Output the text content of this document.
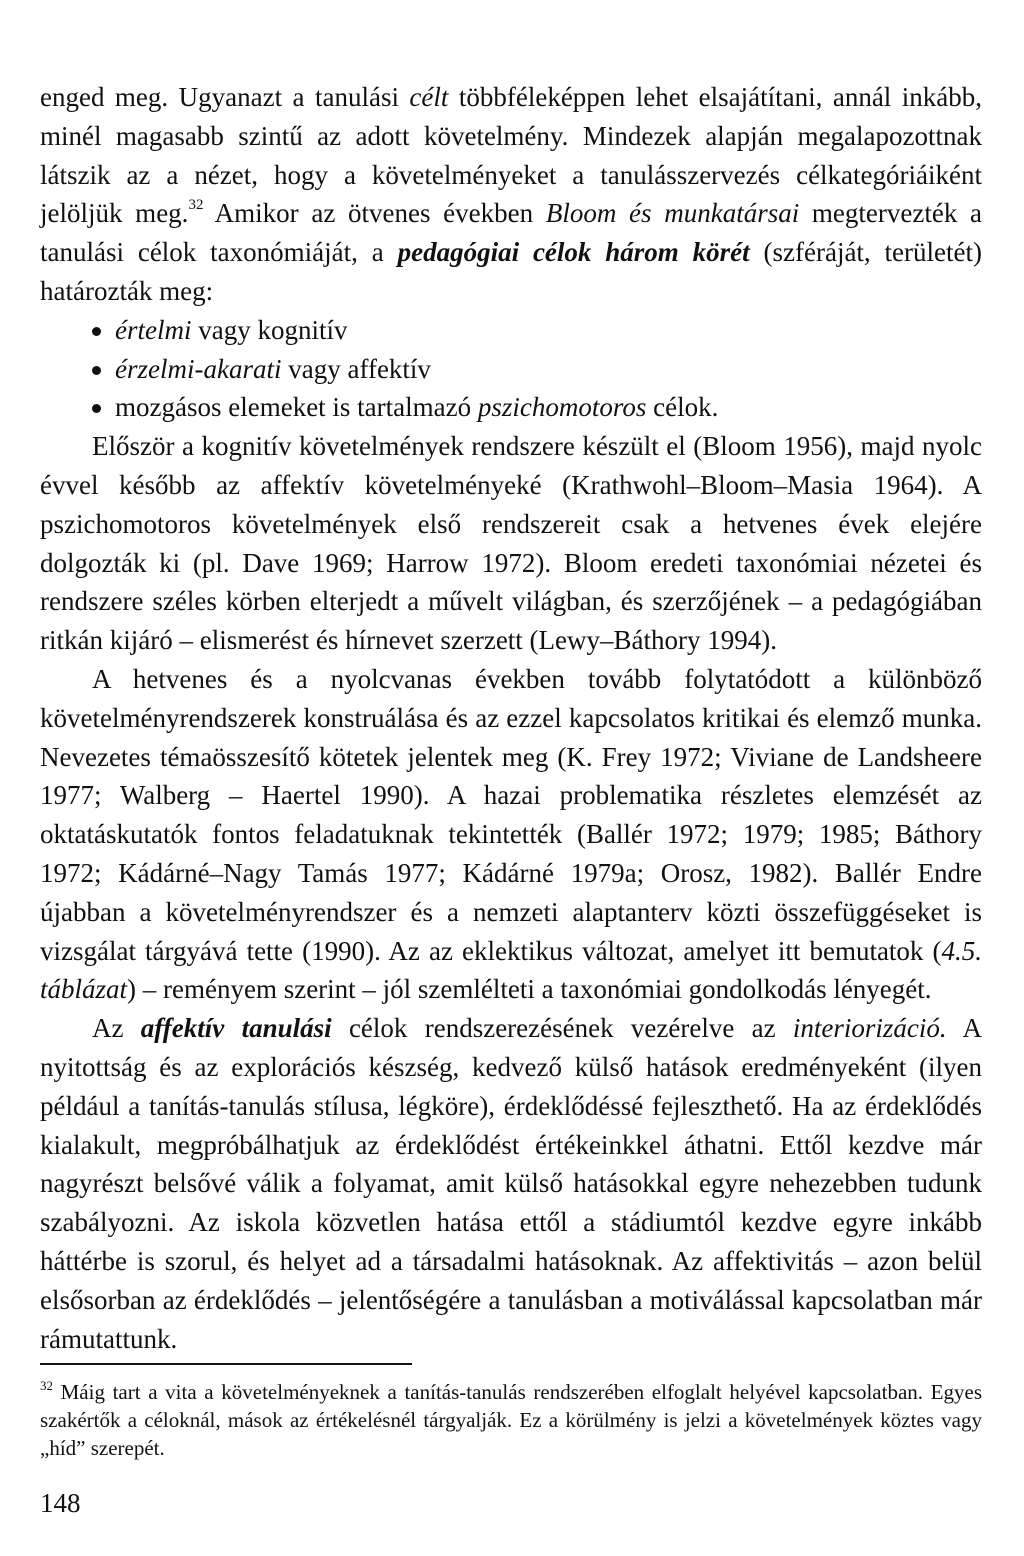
enged meg. Ugyanazt a tanulási célt többféleképpen lehet elsajátítani, annál inkább, minél magasabb szintű az adott követelmény. Mindezek alapján megalapozottnak látszik az a nézet, hogy a követelményeket a tanulásszervezés célkategóriáiként jelöljük meg.$^{32}$ Amikor az ötvenes években Bloom és munkatársai megtervezték a tanulási célok taxonómiáját, a pedagógiai célok három körét (szféráját, területét) határozták meg:

értelmi vagy kognitív
érzelmi-akarati vagy affektív
mozgásos elemeket is tartalmazó pszichomotoros célok.

Először a kognitív követelmények rendszere készült el (Bloom 1956), majd nyolc évvel később az affektív követelményeké (Krathwohl–Bloom–Masia 1964). A pszichomotoros követelmények első rendszereit csak a hetvenes évek elejére dolgozták ki (pl. Dave 1969; Harrow 1972). Bloom eredeti taxonómiai nézetei és rendszere széles körben elterjedt a művelt világban, és szerzőjének – a pedagógiában ritkán kijáró – elismerést és hírnevet szerzett (Lewy–Báthory 1994).

A hetvenes és a nyolcvanas években tovább folytatódott a különböző követelményrendszerek konstruálása és az ezzel kapcsolatos kritikai és elemző munka. Nevezetes témaösszesítő kötetek jelentek meg (K. Frey 1972; Viviane de Landsheere 1977; Walberg – Haertel 1990). A hazai problematika részletes elemzését az oktatáskutatók fontos feladatuknak tekintették (Ballér 1972; 1979; 1985; Báthory 1972; Kádárné–Nagy Tamás 1977; Kádárné 1979a; Orosz, 1982). Ballér Endre újabban a követelményrendszer és a nemzeti alaptanterv közti összefüggéseket is vizsgálat tárgyává tette (1990). Az az eklektikus változat, amelyet itt bemutatok (4.5. táblázat) – reményem szerint – jól szemlélteti a taxonómiai gondolkodás lényegét.

Az affektív tanulási célok rendszerezésének vezérelve az interiorizáció. A nyitottság és az explorációs készség, kedvező külső hatások eredményeként (ilyen például a tanítás-tanulás stílusa, légköre), érdeklődéssé fejleszthető. Ha az érdeklődés kialakult, megpróbálhatjuk az érdeklődést értékeinkkel áthatni. Ettől kezdve már nagyrészt belsővé válik a folyamat, amit külső hatásokkal egyre nehezebben tudunk szabályozni. Az iskola közvetlen hatása ettől a stádiumtól kezdve egyre inkább háttérbe is szorul, és helyet ad a társadalmi hatásoknak. Az affektivitás – azon belül elsősorban az érdeklődés – jelentőségére a tanulásban a motiválással kapcsolatban már rámutattunk.

$^{32}$ Máig tart a vita a követelményeknek a tanítás-tanulás rendszerében elfoglalt helyével kapcsolatban. Egyes szakértők a céloknál, mások az értékelésnél tárgyalják. Ez a körülmény is jelzi a követelmények köztes vagy „híd” szerepét.

148
